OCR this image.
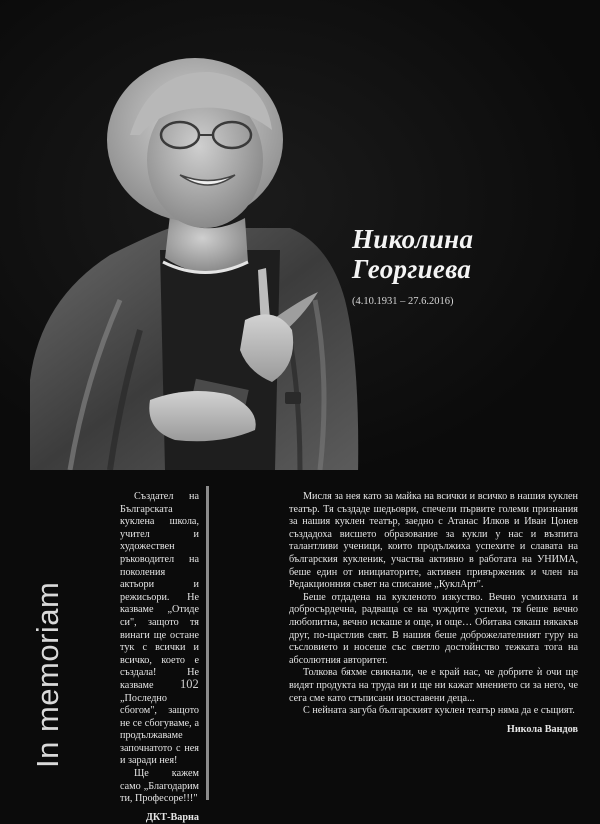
Николина
Георгиева
(4.10.1931 – 27.6.2016)
In memoriam	102

Създател на Българската куклена школа, учител и художествен ръководител на поколения актьори и режисьори. Не казваме „Отиде си", защото тя винаги ще остане тук с всички и всичко, което е създала! Не казваме „Последно сбогом", защото не се сбогуваме, а продължаваме започнатото с нея и заради нея!

Ще кажем само „Благодарим ти, Професоре!!!"

ДКТ-Варна

Мисля за нея като за майка на всички и всичко в нашия куклен театър. Тя създаде шедьоври, спечели първите големи признания за нашия куклен театър, заедно с Атанас Илков и Иван Цонев създадоха висшето образование за кукли у нас и възпита талантливи ученици, които продължиха успехите и славата на българския кукленик, участва активно в работата на УНИМА, беше един от инициаторите, активен привърженик и член на Редакционния съвет на списание „КуклАрт".

Беше отдадена на кукленото изкуство. Вечно усмихната и добросърдечна, радваща се на чуждите успехи, тя беше вечно любопитна, вечно искаше и още, и още… Обитава сякаш някакъв друг, по-щастлив свят. В нашия беше доброжелателният гуру на съсловието и носеше със светло достойнство тежката тога на абсолютния авторитет.

Толкова бяхме свикнали, че е край нас, че добрите ѝ очи ще видят продукта на труда ни и ще ни кажат мнението си за него, че сега сме като стъписани изоставени деца...

С нейната загуба българският куклен театър няма да е същият.

Никола Вандов
